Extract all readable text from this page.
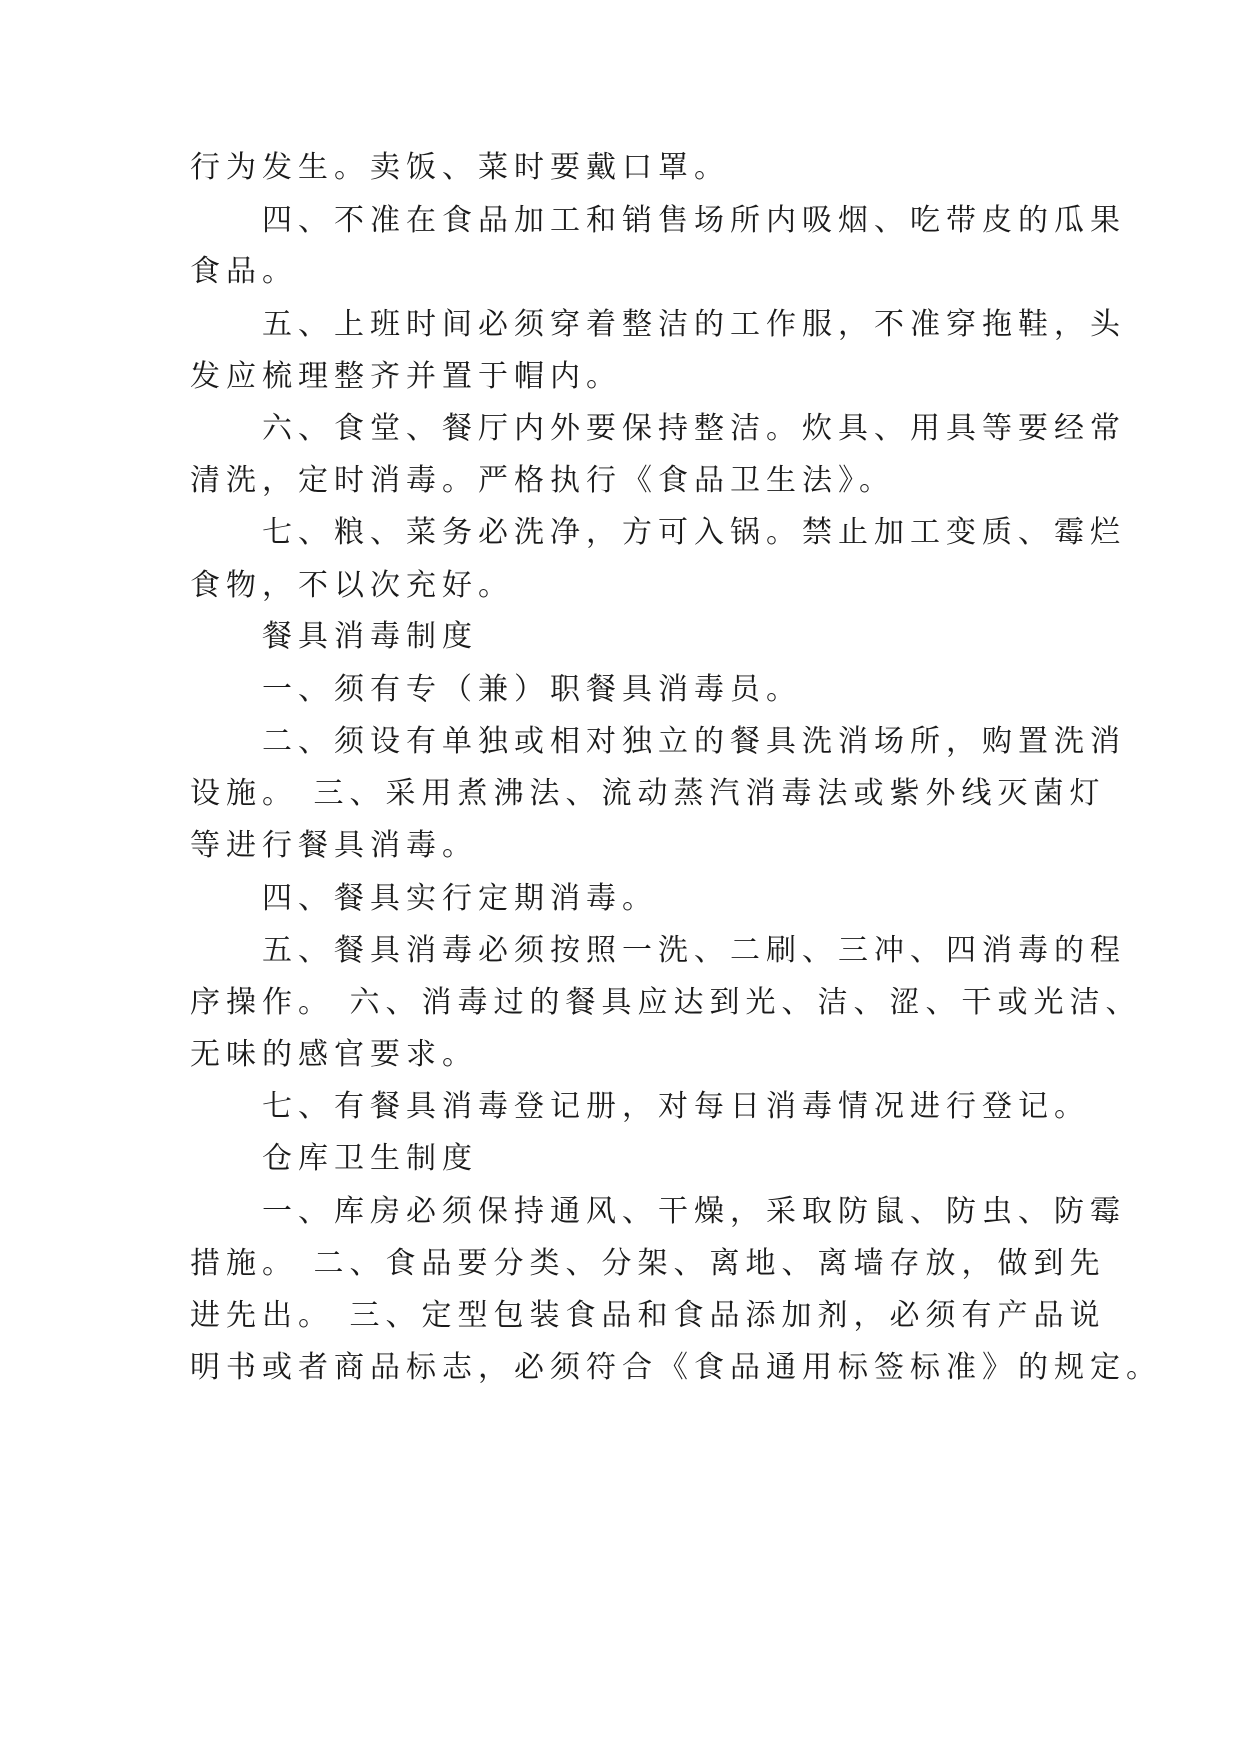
行为发生。卖饭、菜时要戴口罩。
　　四、不准在食品加工和销售场所内吸烟、吃带皮的瓜果
食品。
　　五、上班时间必须穿着整洁的工作服，不准穿拖鞋，头
发应梳理整齐并置于帽内。
　　六、食堂、餐厅内外要保持整洁。炊具、用具等要经常
清洗，定时消毒。严格执行《食品卫生法》。
　　七、粮、菜务必洗净，方可入锅。禁止加工变质、霉烂
食物，不以次充好。
　　餐具消毒制度
　　一、须有专（兼）职餐具消毒员。
　　二、须设有单独或相对独立的餐具洗消场所，购置洗消
设施。 三、采用煮沸法、流动蒸汽消毒法或紫外线灭菌灯
等进行餐具消毒。
　　四、餐具实行定期消毒。
　　五、餐具消毒必须按照一洗、二刷、三冲、四消毒的程
序操作。 六、消毒过的餐具应达到光、洁、涩、干或光洁、
无味的感官要求。
　　七、有餐具消毒登记册，对每日消毒情况进行登记。
　　仓库卫生制度
　　一、库房必须保持通风、干燥，采取防鼠、防虫、防霉
措施。 二、食品要分类、分架、离地、离墙存放，做到先
进先出。 三、定型包装食品和食品添加剂，必须有产品说
明书或者商品标志，必须符合《食品通用标签标准》的规定。
